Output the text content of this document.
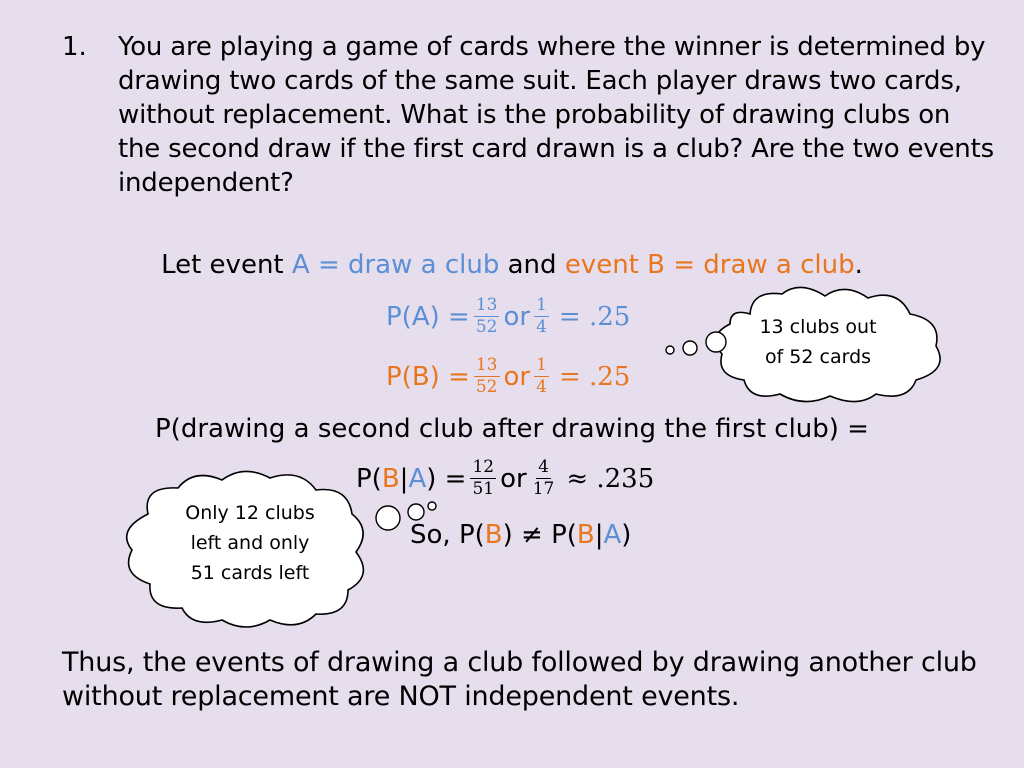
1. You are playing a game of cards where the winner is determined by drawing two cards of the same suit. Each player draws two cards, without replacement. What is the probability of drawing clubs on the second draw if the first card drawn is a club? Are the two events independent?
Let event A = draw a club and event B = draw a club.
$P(A) = \frac{13}{52}$ or $\frac{1}{4} = .25$
$P(B) = \frac{13}{52}$ or $\frac{1}{4} = .25$
P(drawing a second club after drawing the first club) =
P( B | A ) = $\frac{12}{51}$ or $\frac{4}{17} \approx .235$
So, P( B ) ≠ P( B | A )
13 clubs out
of 52 cards
Only 12 clubs
left and only
51 cards left
Thus, the events of drawing a club followed by drawing another club without replacement are NOT independent events.
